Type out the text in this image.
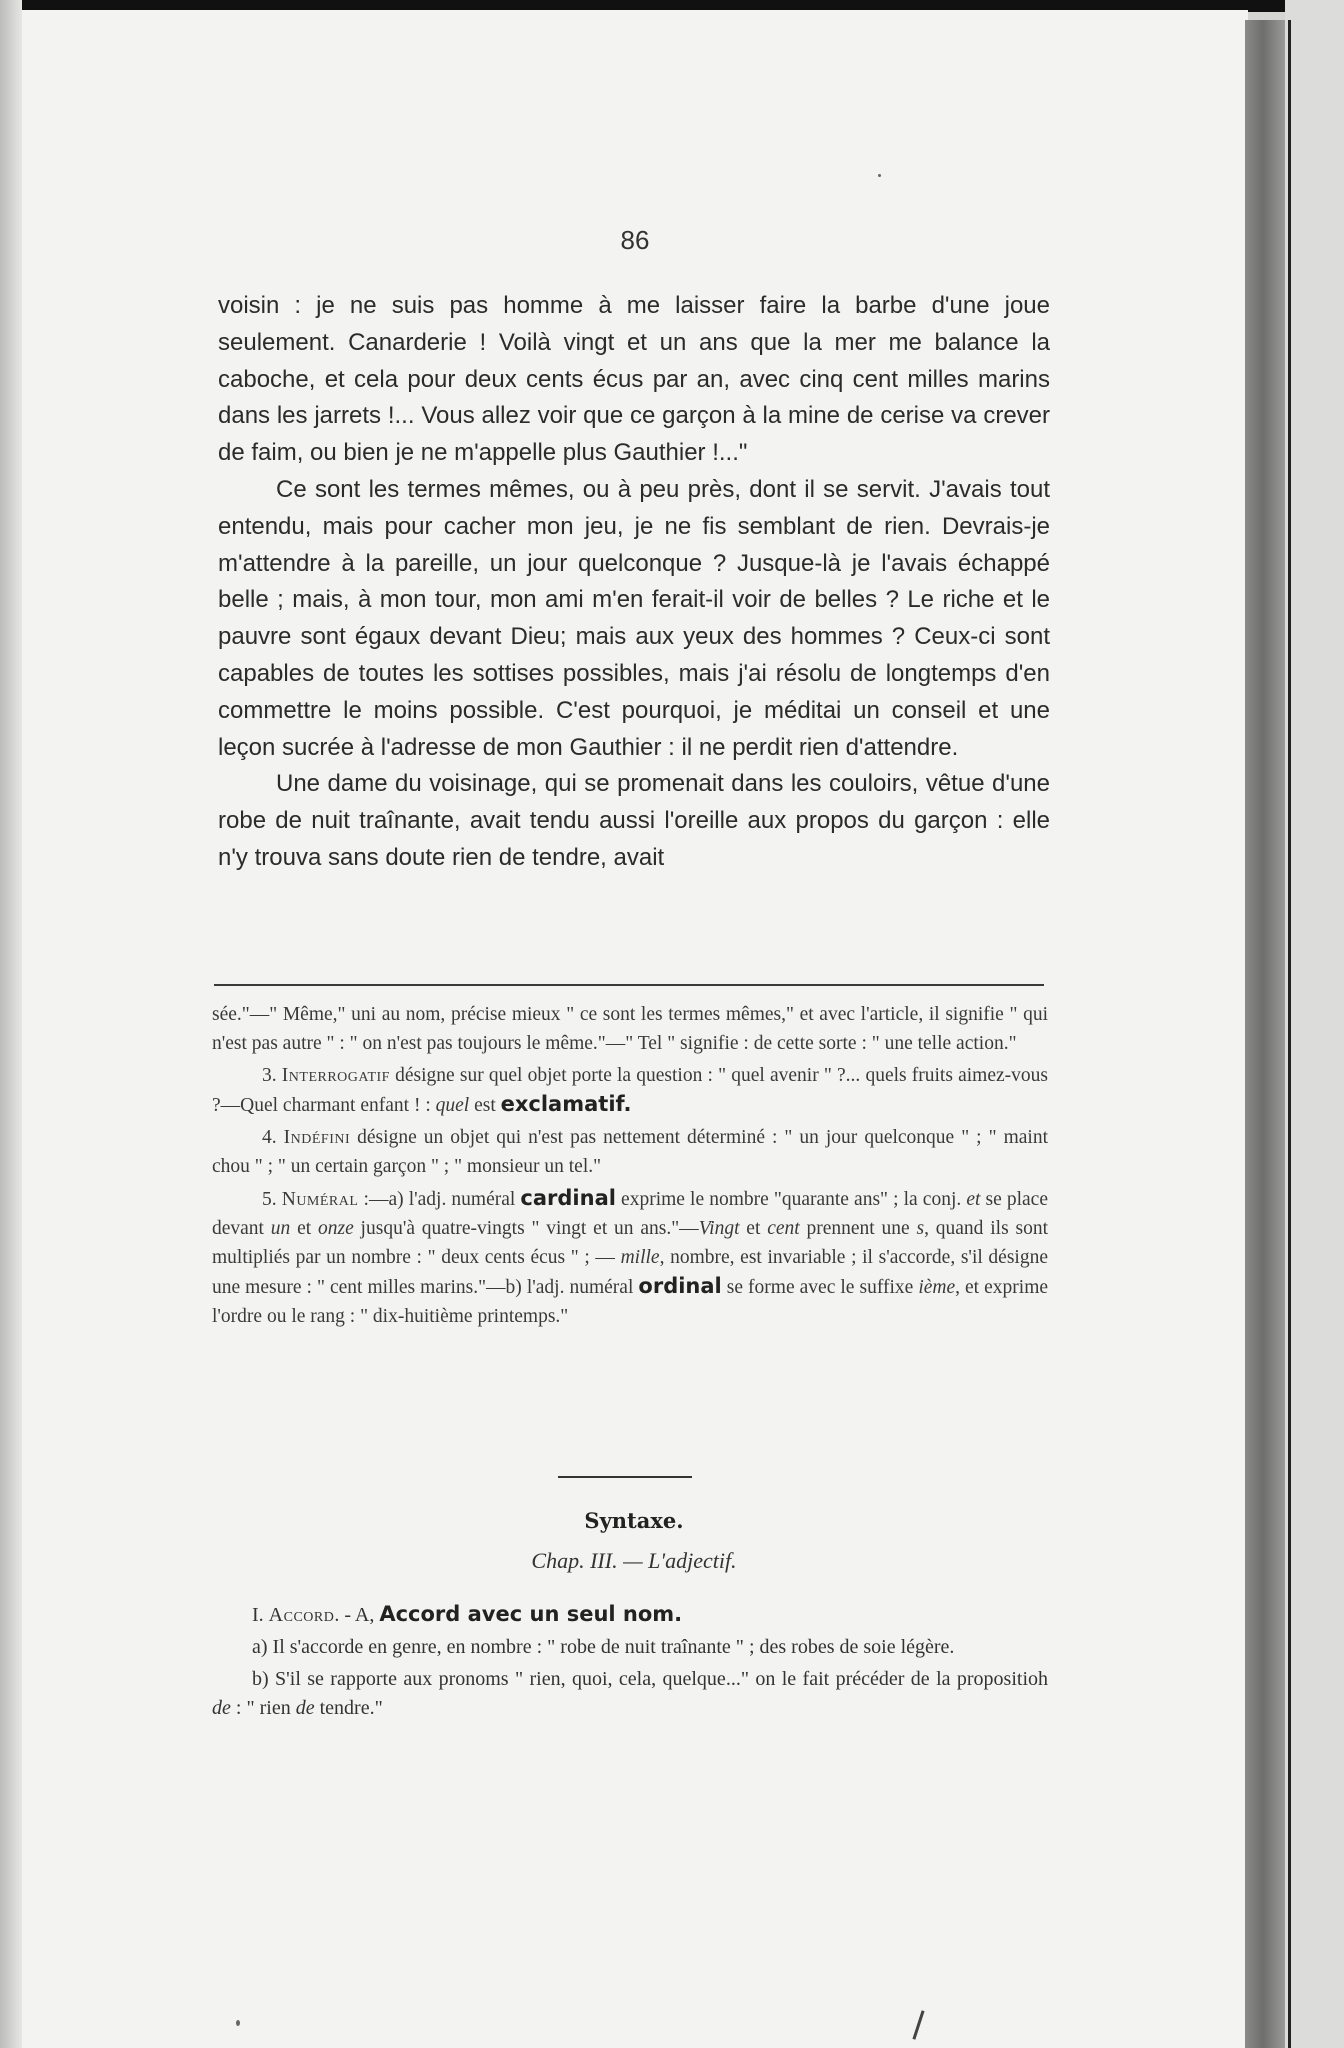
86

voisin : je ne suis pas homme à me laisser faire la barbe d'une joue seulement. Canarderie ! Voilà vingt et un ans que la mer me balance la caboche, et cela pour deux cents écus par an, avec cinq cent milles marins dans les jarrets !... Vous allez voir que ce garçon à la mine de cerise va crever de faim, ou bien je ne m'appelle plus Gauthier !..."

Ce sont les termes mêmes, ou à peu près, dont il se servit. J'avais tout entendu, mais pour cacher mon jeu, je ne fis semblant de rien. Devrais-je m'attendre à la pareille, un jour quelconque ? Jusque-là je l'avais échappé belle ; mais, à mon tour, mon ami m'en ferait-il voir de belles ? Le riche et le pauvre sont égaux devant Dieu; mais aux yeux des hommes ? Ceux-ci sont capables de toutes les sottises possibles, mais j'ai résolu de longtemps d'en commettre le moins possible. C'est pourquoi, je méditai un conseil et une leçon sucrée à l'adresse de mon Gauthier : il ne perdit rien d'attendre.

Une dame du voisinage, qui se promenait dans les couloirs, vêtue d'une robe de nuit traînante, avait tendu aussi l'oreille aux propos du garçon : elle n'y trouva sans doute rien de tendre, avait

sée."—" Même," uni au nom, précise mieux " ce sont les termes mêmes," et avec l'article, il signifie " qui n'est pas autre " : " on n'est pas toujours le même."—" Tel " signifie : de cette sorte : " une telle action."

3. Interrogatif désigne sur quel objet porte la question : " quel avenir " ?... quels fruits aimez-vous ?—Quel charmant enfant ! : quel est exclamatif.

4. Indéfini désigne un objet qui n'est pas nettement déterminé : " un jour quelconque " ; " maint chou " ; " un certain garçon " ; " monsieur un tel."

5. Numéral :—a) l'adj. numéral cardinal exprime le nombre "quarante ans" ; la conj. et se place devant un et onze jusqu'à quatre-vingts " vingt et un ans."—Vingt et cent prennent une s, quand ils sont multipliés par un nombre : " deux cents écus " ; — mille, nombre, est invariable ; il s'accorde, s'il désigne une mesure : " cent milles marins."—b) l'adj. numéral ordinal se forme avec le suffixe ième, et exprime l'ordre ou le rang : " dix-huitième printemps."

Syntaxe.
Chap. III. — L'adjectif.

I. Accord. - A, Accord avec un seul nom.

a) Il s'accorde en genre, en nombre : " robe de nuit traînante " ; des robes de soie légère.

b) S'il se rapporte aux pronoms " rien, quoi, cela, quelque..." on le fait précéder de la propositioh de : " rien de tendre."
